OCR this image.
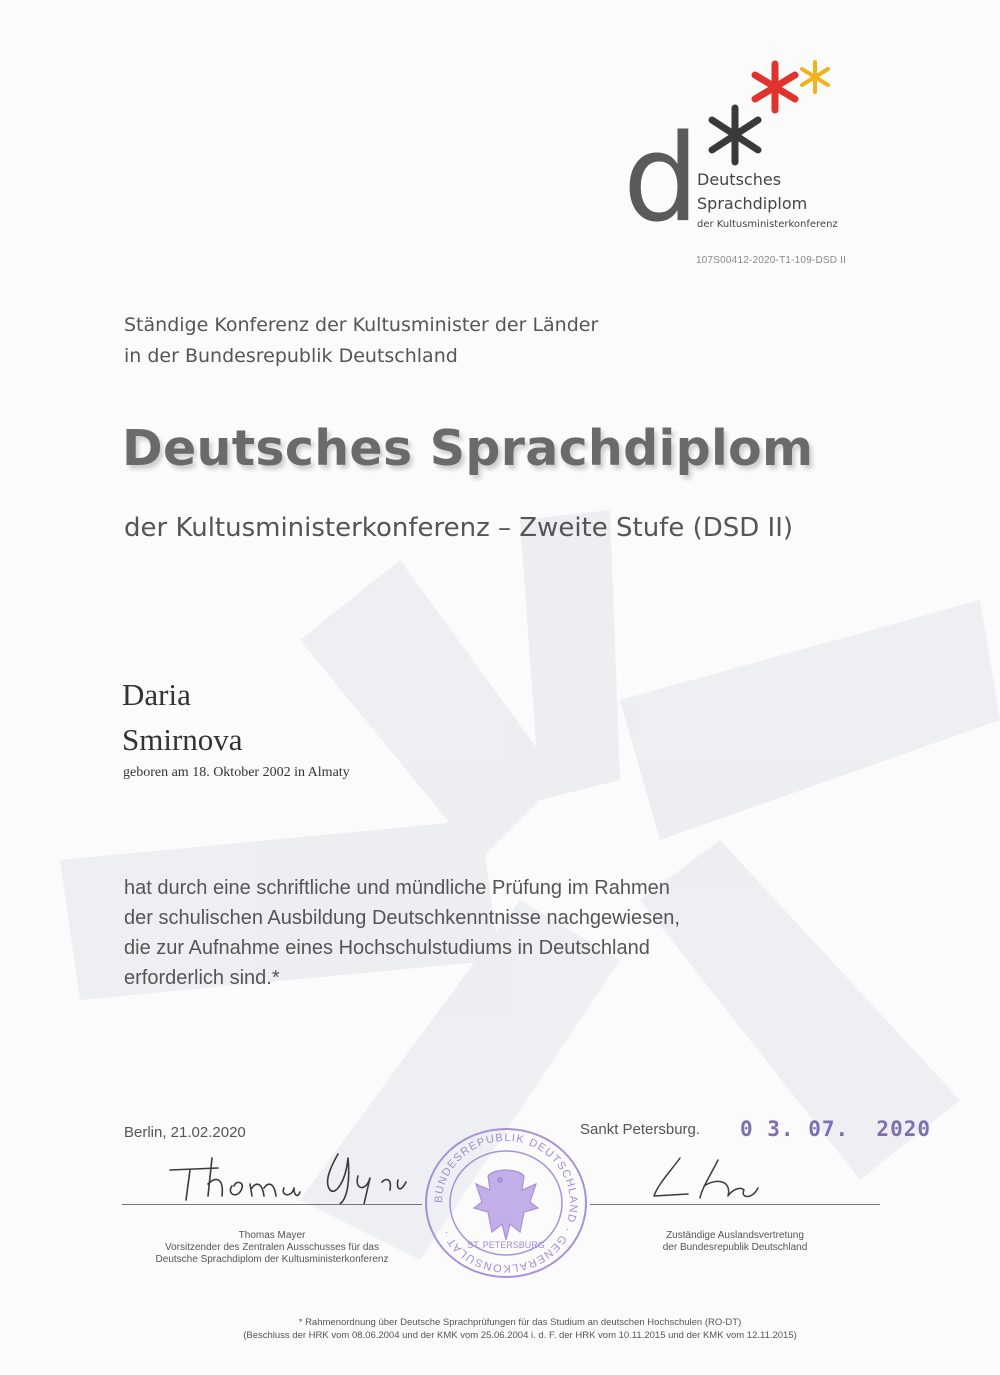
d
Deutsches
Sprachdiplom
der Kultusministerkonferenz
107S00412-2020-T1-109-DSD II
Ständige Konferenz der Kultusminister der Länder
in der Bundesrepublik Deutschland
Deutsches Sprachdiplom
der Kultusministerkonferenz – Zweite Stufe (DSD II)
Daria
Smirnova
geboren am 18. Oktober 2002 in Almaty
hat durch eine schriftliche und mündliche Prüfung im Rahmen
der schulischen Ausbildung Deutschkenntnisse nachgewiesen,
die zur Aufnahme eines Hochschulstudiums in Deutschland
erforderlich sind.*
Berlin, 21.02.2020	Sankt Petersburg. 0 3. 07.  2020
BUNDESREPUBLIK DEUTSCHLAND · GENERALKONSULAT ·
ST. PETERSBURG
Thomas Mayer
Vorsitzender des Zentralen Ausschusses für das
Deutsche Sprachdiplom der Kultusministerkonferenz
Zuständige Auslandsvertretung
der Bundesrepublik Deutschland
* Rahmenordnung über Deutsche Sprachprüfungen für das Studium an deutschen Hochschulen (RO-DT)
(Beschluss der HRK vom 08.06.2004 und der KMK vom 25.06.2004 i. d. F. der HRK vom 10.11.2015 und der KMK vom 12.11.2015)
